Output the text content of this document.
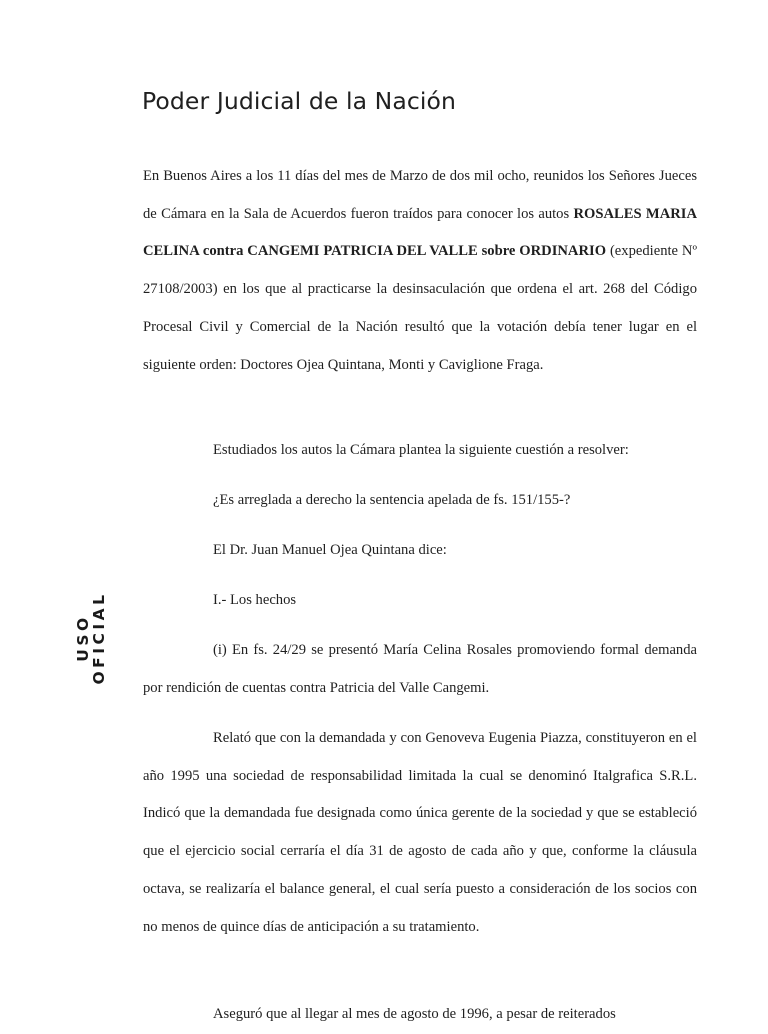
USO
OFICIAL
Poder Judicial de la Nación

En Buenos Aires a los 11 días del mes de Marzo de dos mil ocho, reunidos los Señores Jueces de Cámara en la Sala de Acuerdos fueron traídos para conocer los autos ROSALES MARIA CELINA contra CANGEMI PATRICIA DEL VALLE sobre ORDINARIO (expediente Nº 27108/2003) en los que al practicarse la desinsaculación que ordena el art. 268 del Código Procesal Civil y Comercial de la Nación resultó que la votación debía tener lugar en el siguiente orden: Doctores Ojea Quintana, Monti y Caviglione Fraga.

Estudiados los autos la Cámara plantea la siguiente cuestión a resolver:

¿Es arreglada a derecho la sentencia apelada de fs. 151/155-?

El Dr. Juan Manuel Ojea Quintana dice:

I.- Los hechos

(i) En fs. 24/29 se presentó María Celina Rosales promoviendo formal demanda por rendición de cuentas contra Patricia del Valle Cangemi.

Relató que con la demandada y con Genoveva Eugenia Piazza, constituyeron en el año 1995 una sociedad de responsabilidad limitada la cual se denominó Italgrafica S.R.L. Indicó que la demandada fue designada como única gerente de la sociedad y que se estableció que el ejercicio social cerraría el día 31 de agosto de cada año y que, conforme la cláusula octava, se realizaría el balance general, el cual sería puesto a consideración de los socios con no menos de quince días de anticipación a su tratamiento.

Aseguró que al llegar al mes de agosto de 1996, a pesar de reiterados
